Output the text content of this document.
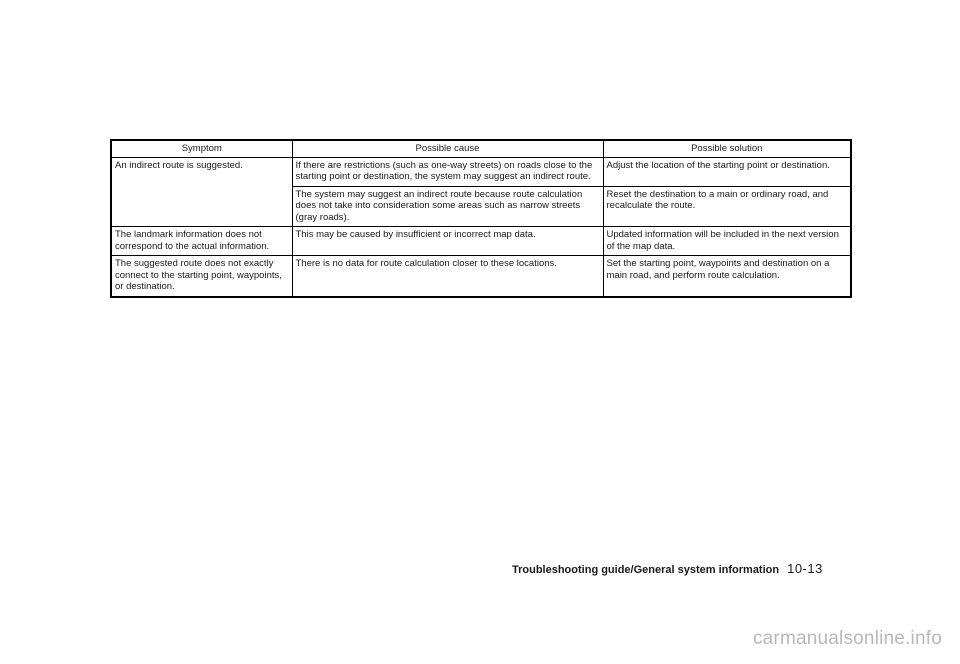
Symptom	Possible cause	Possible solution
An indirect route is suggested.	If there are restrictions (such as one-way streets) on roads close to the starting point or destination, the system may suggest an indirect route.	Adjust the location of the starting point or destination.
	The system may suggest an indirect route because route calculation does not take into consideration some areas such as narrow streets (gray roads).	Reset the destination to a main or ordinary road, and recalculate the route.
The landmark information does not correspond to the actual information.	This may be caused by insufficient or incorrect map data.	Updated information will be included in the next version of the map data.
The suggested route does not exactly connect to the starting point, waypoints, or destination.	There is no data for route calculation closer to these locations.	Set the starting point, waypoints and destination on a main road, and perform route calculation.
Troubleshooting guide/General system information 10-13
carmanualsonline.info
